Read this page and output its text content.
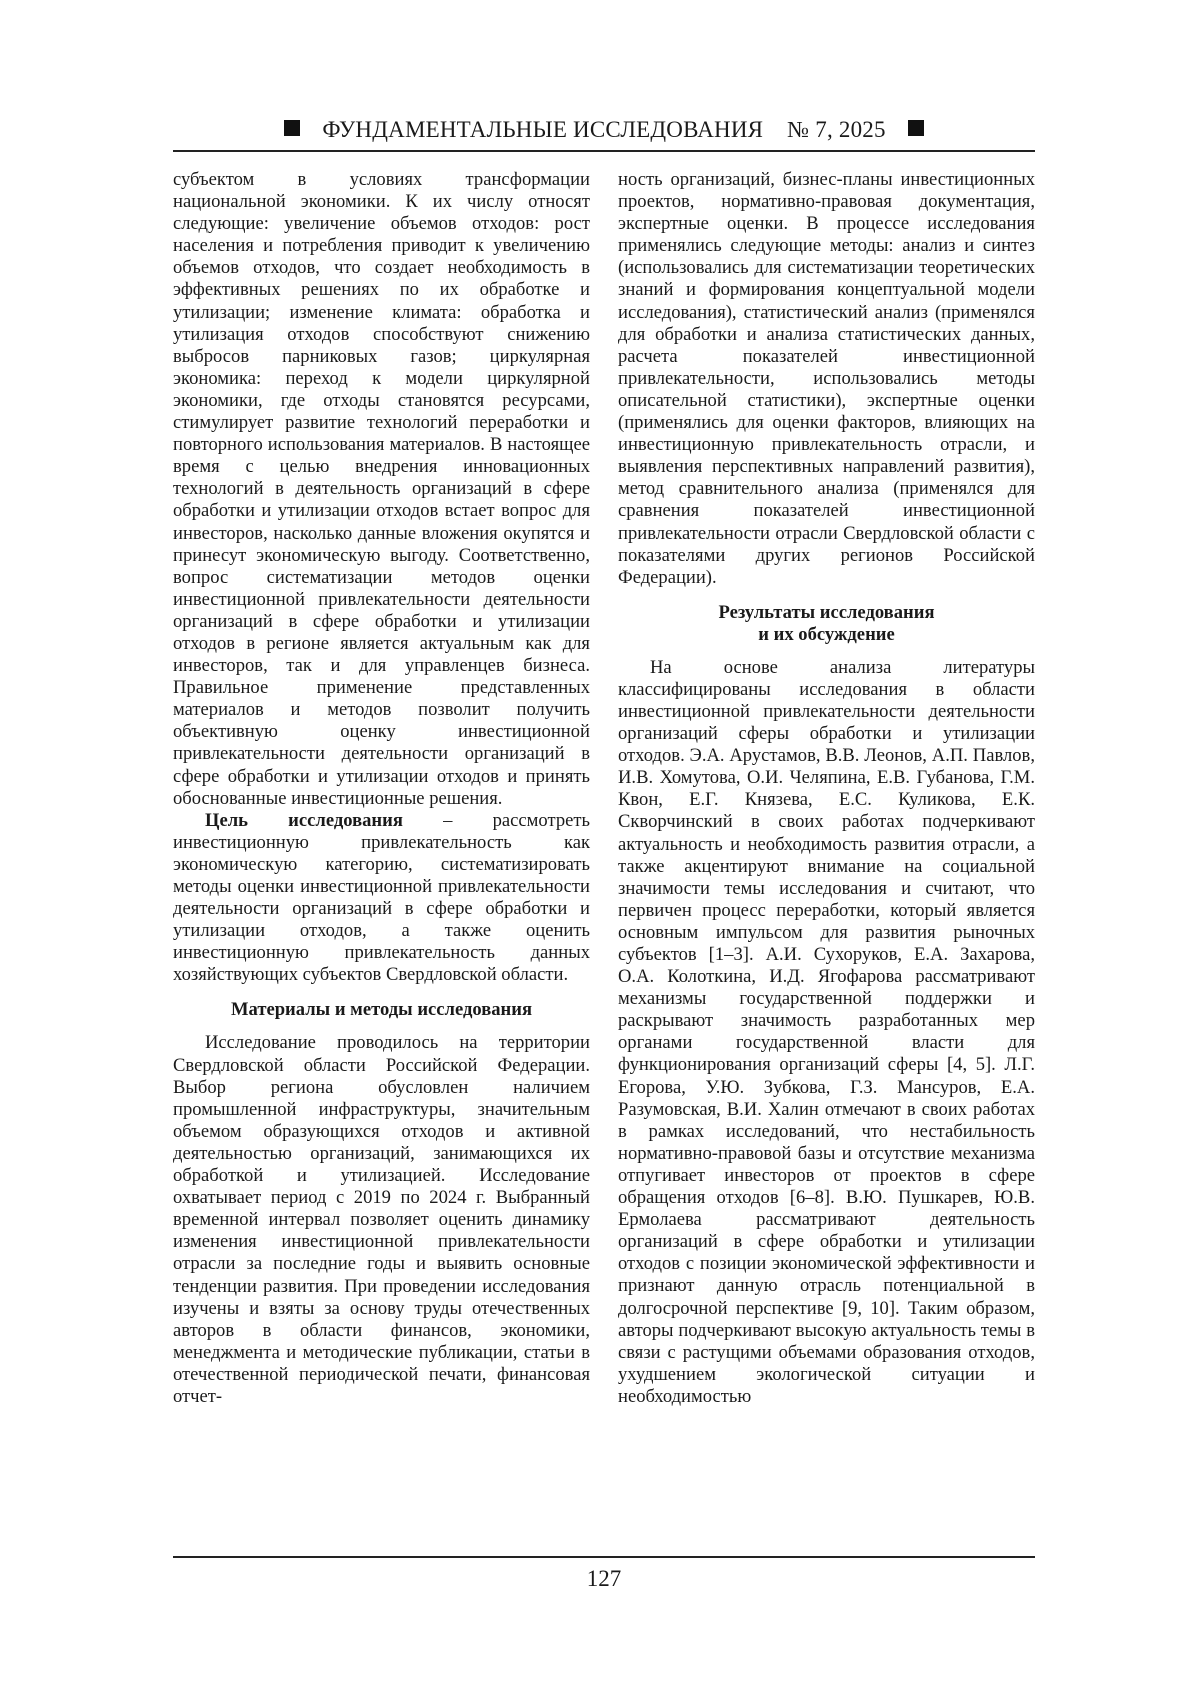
ФУНДАМЕНТАЛЬНЫЕ ИССЛЕДОВАНИЯ № 7, 2025

субъектом в условиях трансформации национальной экономики. К их числу относят следующие: увеличение объемов отходов: рост населения и потребления приводит к увеличению объемов отходов, что создает необходимость в эффективных решениях по их обработке и утилизации; изменение климата: обработка и утилизация отходов способствуют снижению выбросов парниковых газов; циркулярная экономика: переход к модели циркулярной экономики, где отходы становятся ресурсами, стимулирует развитие технологий переработки и повторного использования материалов. В настоящее время с целью внедрения инновационных технологий в деятельность организаций в сфере обработки и утилизации отходов встает вопрос для инвесторов, насколько данные вложения окупятся и принесут экономическую выгоду. Соответственно, вопрос систематизации методов оценки инвестиционной привлекательности деятельности организаций в сфере обработки и утилизации отходов в регионе является актуальным как для инвесторов, так и для управленцев бизнеса. Правильное применение представленных материалов и методов позволит получить объективную оценку инвестиционной привлекательности деятельности организаций в сфере обработки и утилизации отходов и принять обоснованные инвестиционные решения.

Цель исследования – рассмотреть инвестиционную привлекательность как экономическую категорию, систематизировать методы оценки инвестиционной привлекательности деятельности организаций в сфере обработки и утилизации отходов, а также оценить инвестиционную привлекательность данных хозяйствующих субъектов Свердловской области.

Материалы и методы исследования

Исследование проводилось на территории Свердловской области Российской Федерации. Выбор региона обусловлен наличием промышленной инфраструктуры, значительным объемом образующихся отходов и активной деятельностью организаций, занимающихся их обработкой и утилизацией. Исследование охватывает период с 2019 по 2024 г. Выбранный временной интервал позволяет оценить динамику изменения инвестиционной привлекательности отрасли за последние годы и выявить основные тенденции развития. При проведении исследования изучены и взяты за основу труды отечественных авторов в области финансов, экономики, менеджмента и методические публикации, статьи в отечественной периодической печати, финансовая отчет-

ность организаций, бизнес-планы инвестиционных проектов, нормативно-правовая документация, экспертные оценки. В процессе исследования применялись следующие методы: анализ и синтез (использовались для систематизации теоретических знаний и формирования концептуальной модели исследования), статистический анализ (применялся для обработки и анализа статистических данных, расчета показателей инвестиционной привлекательности, использовались методы описательной статистики), экспертные оценки (применялись для оценки факторов, влияющих на инвестиционную привлекательность отрасли, и выявления перспективных направлений развития), метод сравнительного анализа (применялся для сравнения показателей инвестиционной привлекательности отрасли Свердловской области с показателями других регионов Российской Федерации).

Результаты исследования
и их обсуждение

На основе анализа литературы классифицированы исследования в области инвестиционной привлекательности деятельности организаций сферы обработки и утилизации отходов. Э.А. Арустамов, В.В. Леонов, А.П. Павлов, И.В. Хомутова, О.И. Челяпина, Е.В. Губанова, Г.М. Квон, Е.Г. Князева, Е.С. Куликова, Е.К. Скворчинский в своих работах подчеркивают актуальность и необходимость развития отрасли, а также акцентируют внимание на социальной значимости темы исследования и считают, что первичен процесс переработки, который является основным импульсом для развития рыночных субъектов [1–3]. А.И. Сухоруков, Е.А. Захарова, О.А. Колоткина, И.Д. Ягофарова рассматривают механизмы государственной поддержки и раскрывают значимость разработанных мер органами государственной власти для функционирования организаций сферы [4, 5]. Л.Г. Егорова, У.Ю. Зубкова, Г.З. Мансуров, Е.А. Разумовская, В.И. Халин отмечают в своих работах в рамках исследований, что нестабильность нормативно-правовой базы и отсутствие механизма отпугивает инвесторов от проектов в сфере обращения отходов [6–8]. В.Ю. Пушкарев, Ю.В. Ермолаева рассматривают деятельность организаций в сфере обработки и утилизации отходов с позиции экономической эффективности и признают данную отрасль потенциальной в долгосрочной перспективе [9, 10]. Таким образом, авторы подчеркивают высокую актуальность темы в связи с растущими объемами образования отходов, ухудшением экологической ситуации и необходимостью

127
